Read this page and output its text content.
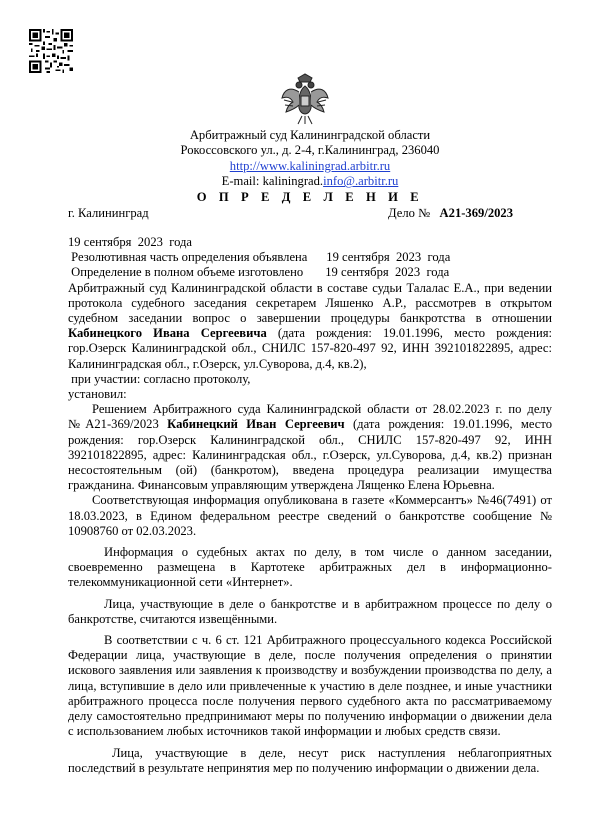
Арбитражный суд Калининградской области
Рокоссовского ул., д. 2-4, г.Калининград, 236040
http://www.kaliningrad.arbitr.ru
E-mail: kaliningrad.info@.arbitr.ru
О П Р Е Д Е Л Е Н И Е
г. Калининград	Дело № А21-369/2023

19 сентября  2023  года

Резолютивная часть определения объявлена      19 сентября  2023  года

Определение в полном объеме изготовлено       19 сентября  2023  года

Арбитражный суд Калининградской области в составе судьи Талалас Е.А., при ведении протокола судебного заседания секретарем Ляшенко А.Р., рассмотрев в открытом судебном заседании вопрос о завершении процедуры банкротства в отношении Кабинецкого Ивана Сергеевича (дата рождения: 19.01.1996, место рождения: гор.Озерск Калининградской обл., СНИЛС 157-820-497 92, ИНН 392101822895, адрес: Калининградская обл., г.Озерск, ул.Суворова, д.4, кв.2),

при участии: согласно протоколу,

установил:

Решением Арбитражного суда Калининградской области от 28.02.2023 г. по делу №А21-369/2023 Кабинецкий Иван Сергеевич (дата рождения: 19.01.1996, место рождения: гор.Озерск Калининградской обл., СНИЛС 157-820-497 92, ИНН 392101822895, адрес: Калининградская обл., г.Озерск, ул.Суворова, д.4, кв.2) признан несостоятельным (ой) (банкротом), введена процедура реализации имущества гражданина. Финансовым управляющим утверждена Лященко Елена Юрьевна.

Соответствующая информация опубликована в газете «Коммерсантъ» №46(7491) от 18.03.2023, в Едином федеральном реестре сведений о банкротстве сообщение № 10908760 от 02.03.2023.

Информация о судебных актах по делу, в том числе о данном заседании, своевременно размещена в Картотеке арбитражных дел в информационно-телекоммуникационной сети «Интернет».

Лица, участвующие в деле о банкротстве и в арбитражном процессе по делу о банкротстве, считаются извещёнными.

В соответствии с ч. 6 ст. 121 Арбитражного процессуального кодекса Российской Федерации лица, участвующие в деле, после получения определения о принятии искового заявления или заявления к производству и возбуждении производства по делу, а лица, вступившие в дело или привлеченные к участию в деле позднее, и иные участники арбитражного процесса после получения первого судебного акта по рассматриваемому делу самостоятельно предпринимают меры по получению информации о движении дела с использованием любых источников такой информации и любых средств связи.

Лица, участвующие в деле, несут риск наступления неблагоприятных последствий в результате непринятия мер по получению информации о движении дела.
